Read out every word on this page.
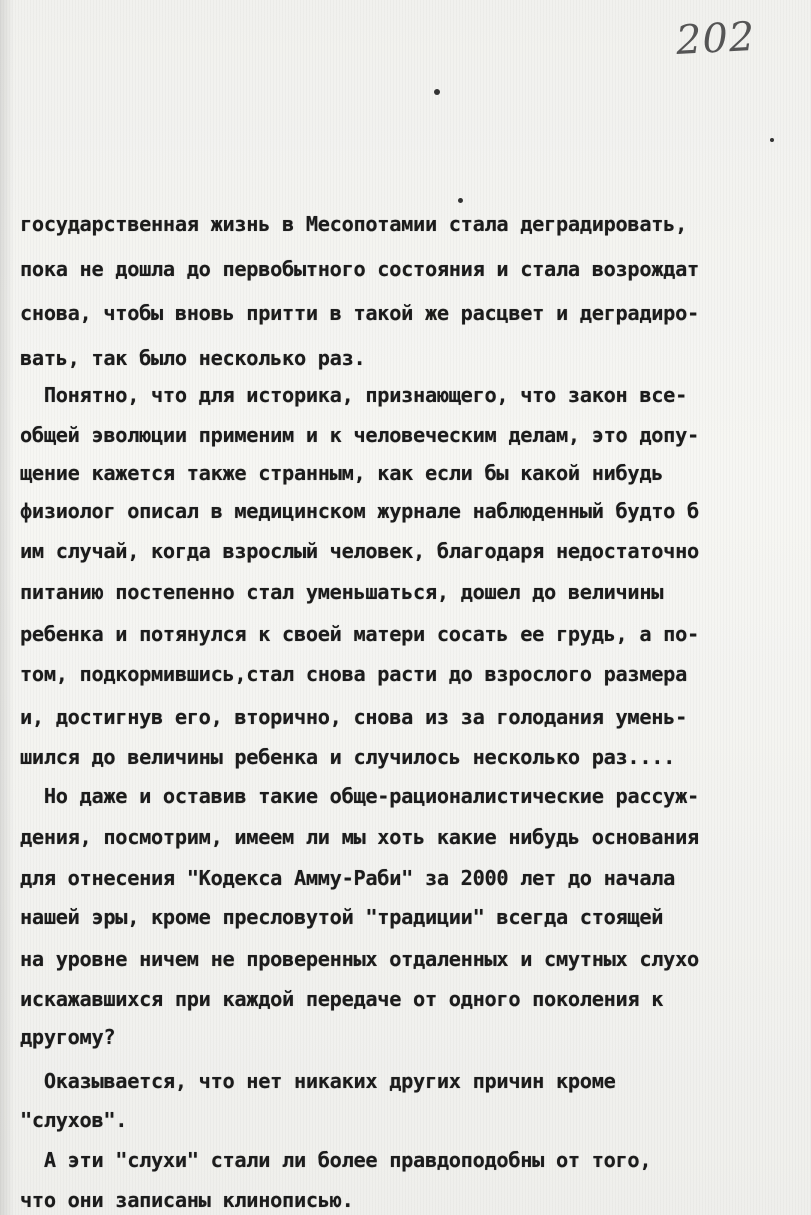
202
государственная жизнь в Месопотамии стала деградировать,
пока не дошла до первобытного состояния и стала возрождат
снова, чтобы вновь притти в такой же расцвет и деградиро-
вать, так было несколько раз.
Понятно, что для историка, признающего, что закон все-
общей эволюции применим и к человеческим делам, это допу-
щение кажется также странным, как если бы какой нибудь
физиолог описал в медицинском журнале наблюденный будто б
им случай, когда взрослый человек, благодаря недостаточно
питанию постепенно стал уменьшаться, дошел до величины
ребенка и потянулся к своей матери сосать ее грудь, а по-
том, подкормившись,стал снова расти до взрослого размера
и, достигнув его, вторично, снова из за голодания умень-
шился до величины ребенка и случилось несколько раз....
Но даже и оставив такие обще-рационалистические рассуж-
дения, посмотрим, имеем ли мы хоть какие нибудь основания
для отнесения "Кодекса Амму-Раби" за 2000 лет до начала
нашей эры, кроме пресловутой "традиции" всегда стоящей
на уровне ничем не проверенных отдаленных и смутных слухо
искажавшихся при каждой передаче от одного поколения к
другому?
Оказывается, что нет никаких других причин кроме
"слухов".
А эти "слухи" стали ли более правдоподобны от того,
что они записаны клинописью.
